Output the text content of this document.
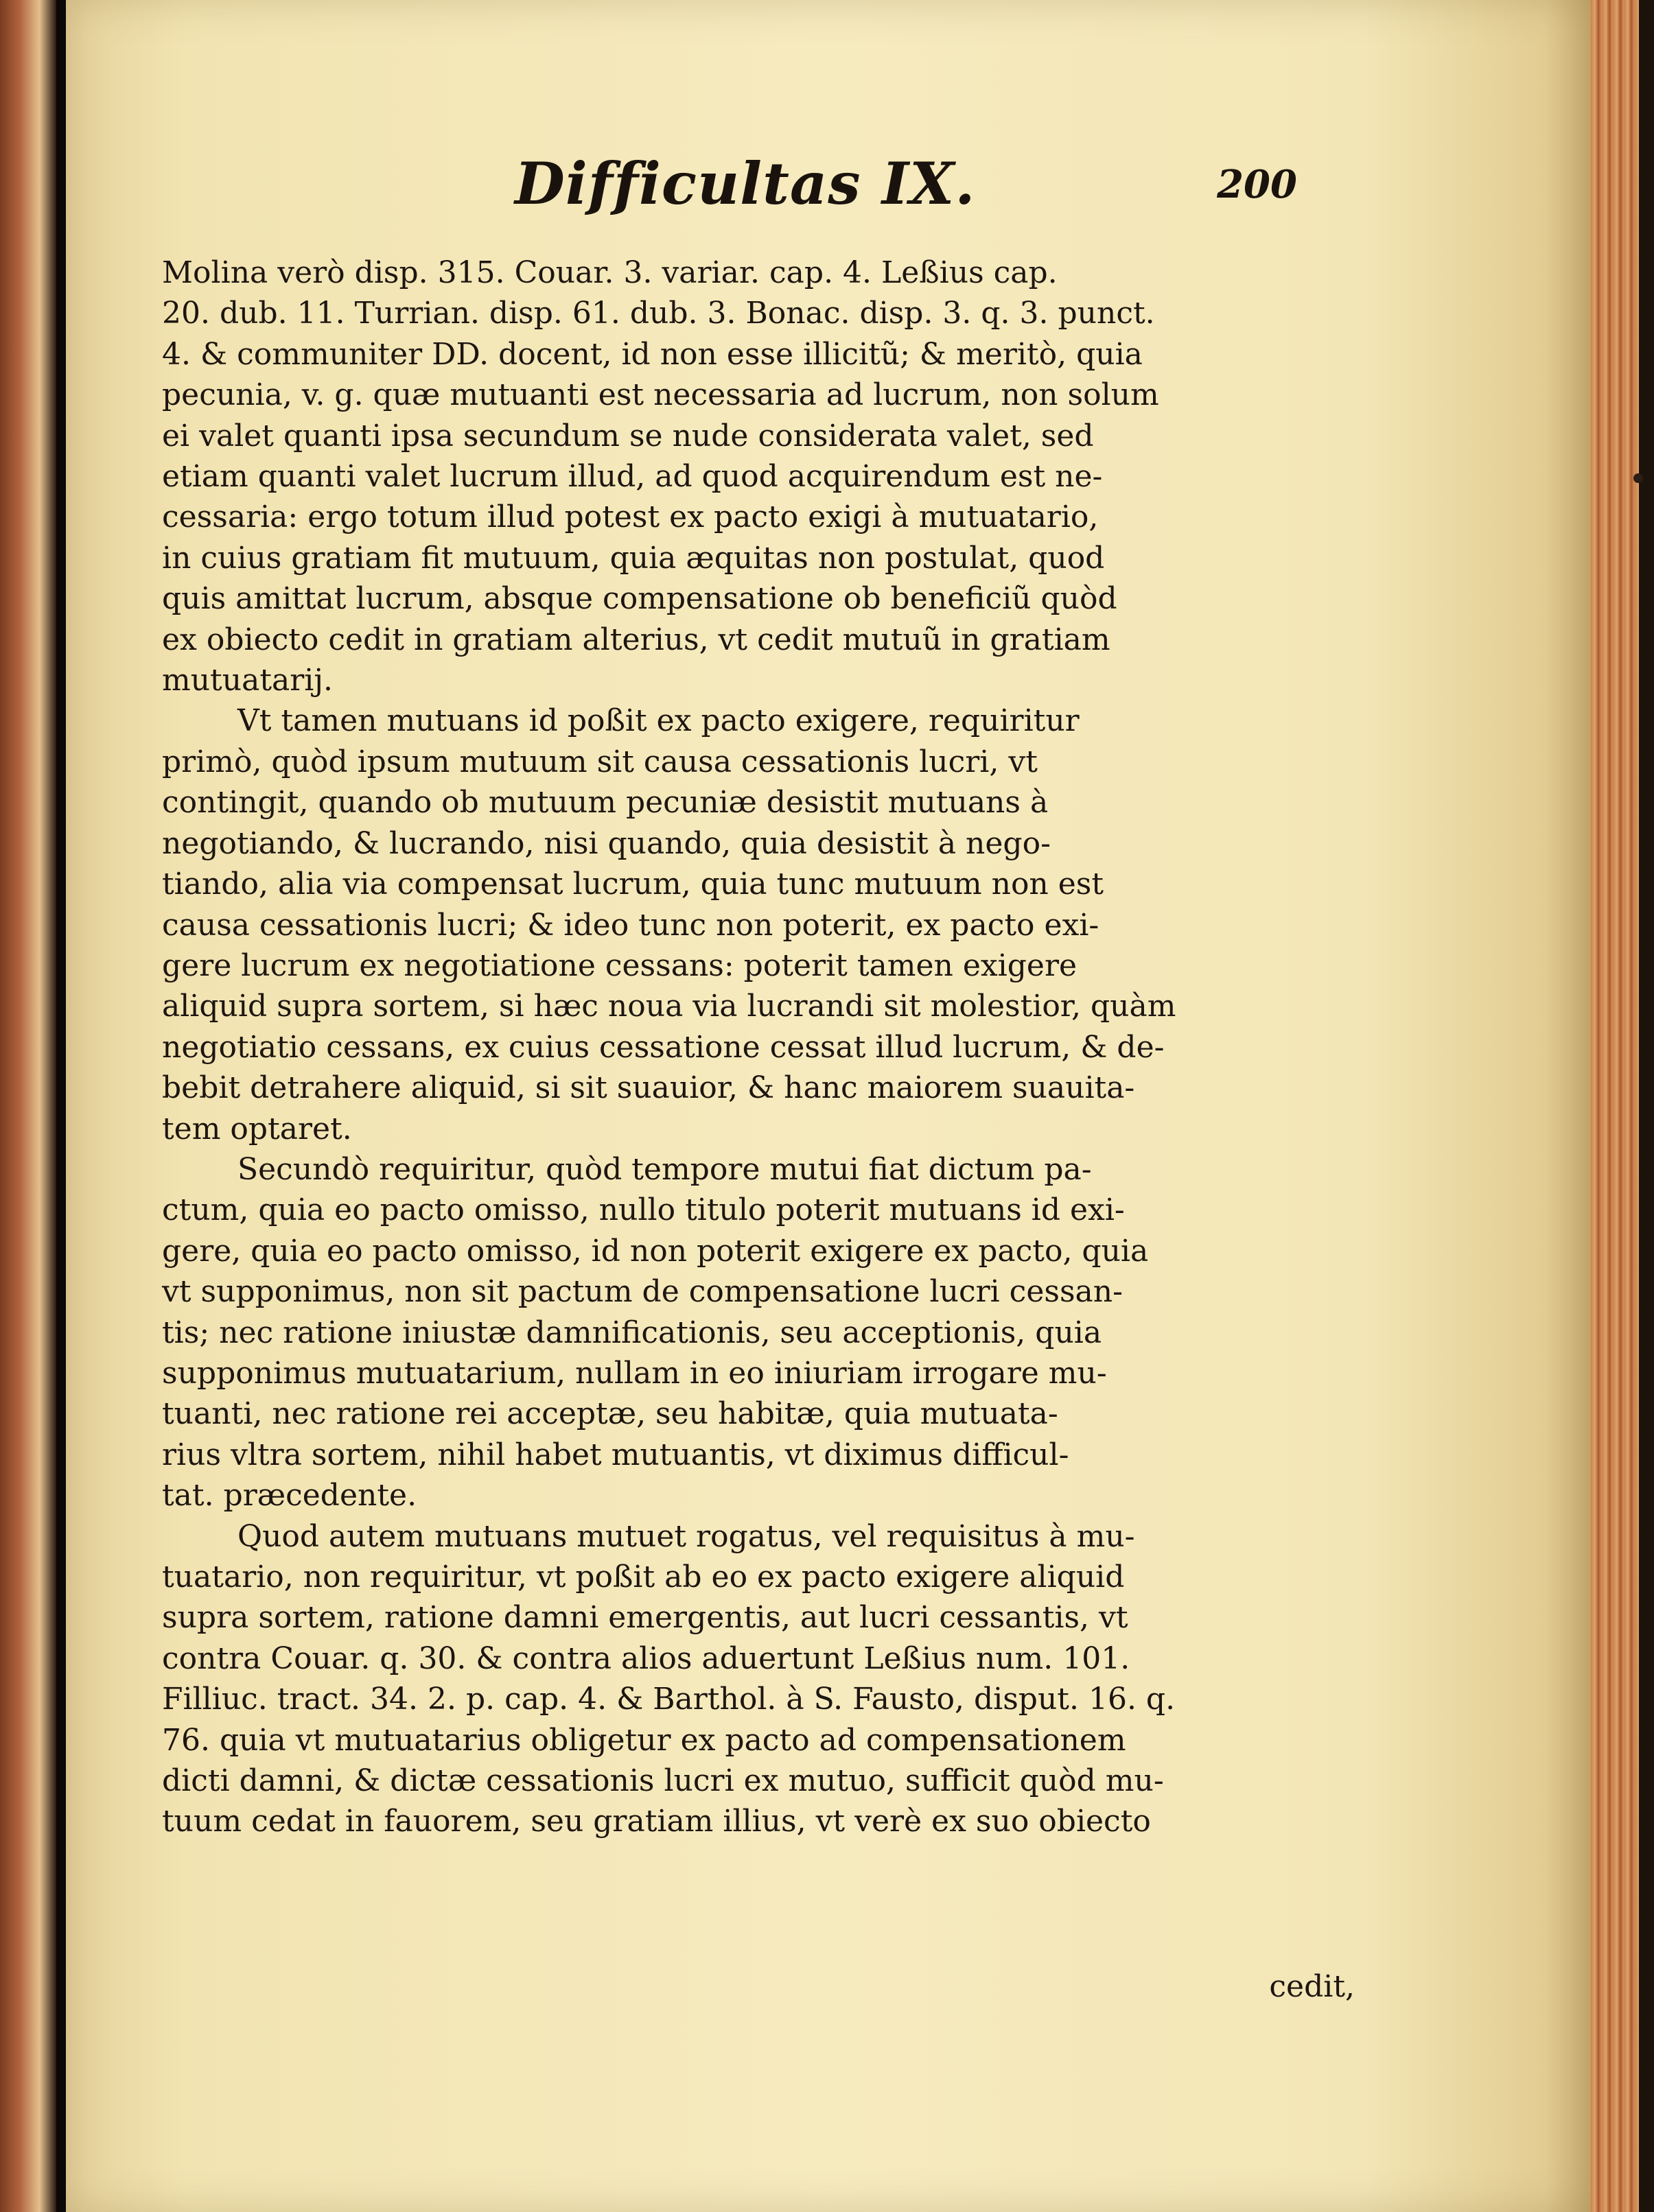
Difficultas IX.	200

Molina verò disp. 315. Couar. 3. variar. cap. 4. Leßius cap.
20. dub. 11. Turrian. disp. 61. dub. 3. Bonac. disp. 3. q. 3. punct.
4. & communiter DD. docent, id non esse illicitũ; & meritò, quia
pecunia, v. g. quæ mutuanti est necessaria ad lucrum, non solum
ei valet quanti ipsa secundum se nude considerata valet, sed
etiam quanti valet lucrum illud, ad quod acquirendum est ne-
cessaria: ergo totum illud potest ex pacto exigi à mutuatario,
in cuius gratiam fit mutuum, quia æquitas non postulat, quod
quis amittat lucrum, absque compensatione ob beneficiũ quòd
ex obiecto cedit in gratiam alterius, vt cedit mutuũ in gratiam
mutuatarij.

Vt tamen mutuans id poßit ex pacto exigere, requiritur
primò, quòd ipsum mutuum sit causa cessationis lucri, vt
contingit, quando ob mutuum pecuniæ desistit mutuans à
negotiando, & lucrando, nisi quando, quia desistit à nego-
tiando, alia via compensat lucrum, quia tunc mutuum non est
causa cessationis lucri; & ideo tunc non poterit, ex pacto exi-
gere lucrum ex negotiatione cessans: poterit tamen exigere
aliquid supra sortem, si hæc noua via lucrandi sit molestior, quàm
negotiatio cessans, ex cuius cessatione cessat illud lucrum, & de-
bebit detrahere aliquid, si sit suauior, & hanc maiorem suauita-
tem optaret.

Secundò requiritur, quòd tempore mutui fiat dictum pa-
ctum, quia eo pacto omisso, nullo titulo poterit mutuans id exi-
gere, quia eo pacto omisso, id non poterit exigere ex pacto, quia
vt supponimus, non sit pactum de compensatione lucri cessan-
tis; nec ratione iniustæ damnificationis, seu acceptionis, quia
supponimus mutuatarium, nullam in eo iniuriam irrogare mu-
tuanti, nec ratione rei acceptæ, seu habitæ, quia mutuata-
rius vltra sortem, nihil habet mutuantis, vt diximus difficul-
tat. præcedente.

Quod autem mutuans mutuet rogatus, vel requisitus à mu-
tuatario, non requiritur, vt poßit ab eo ex pacto exigere aliquid
supra sortem, ratione damni emergentis, aut lucri cessantis, vt
contra Couar. q. 30. & contra alios aduertunt Leßius num. 101.
Filliuc. tract. 34. 2. p. cap. 4. & Barthol. à S. Fausto, disput. 16. q.
76. quia vt mutuatarius obligetur ex pacto ad compensationem
dicti damni, & dictæ cessationis lucri ex mutuo, sufficit quòd mu-
tuum cedat in fauorem, seu gratiam illius, vt verè ex suo obiecto

cedit,
